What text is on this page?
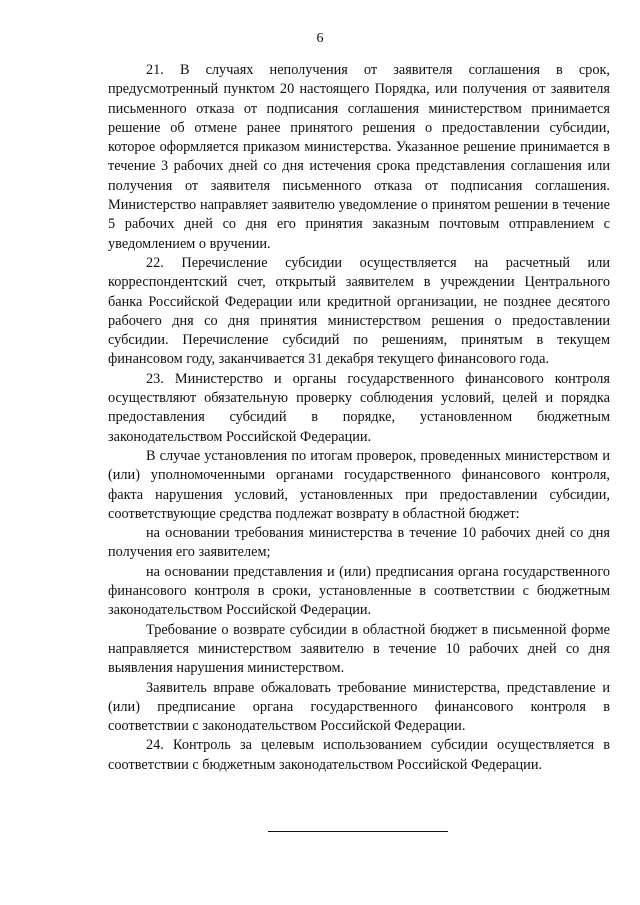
6

21. В случаях неполучения от заявителя соглашения в срок, предусмотренный пунктом 20 настоящего Порядка, или получения от заявителя письменного отказа от подписания соглашения министерством принимается решение об отмене ранее принятого решения о предоставлении субсидии, которое оформляется приказом министерства. Указанное решение принимается в течение 3 рабочих дней со дня истечения срока представления соглашения или получения от заявителя письменного отказа от подписания соглашения. Министерство направляет заявителю уведомление о принятом решении в течение 5 рабочих дней со дня его принятия заказным почтовым отправлением с уведомлением о вручении.

22. Перечисление субсидии осуществляется на расчетный или корреспондентский счет, открытый заявителем в учреждении Центрального банка Российской Федерации или кредитной организации, не позднее десятого рабочего дня со дня принятия министерством решения о предоставлении субсидии. Перечисление субсидий по решениям, принятым в текущем финансовом году, заканчивается 31 декабря текущего финансового года.

23. Министерство и органы государственного финансового контроля осуществляют обязательную проверку соблюдения условий, целей и порядка предоставления субсидий в порядке, установленном бюджетным законодательством Российской Федерации.

В случае установления по итогам проверок, проведенных министерством и (или) уполномоченными органами государственного финансового контроля, факта нарушения условий, установленных при предоставлении субсидии, соответствующие средства подлежат возврату в областной бюджет:

на основании требования министерства в течение 10 рабочих дней со дня получения его заявителем;

на основании представления и (или) предписания органа государственного финансового контроля в сроки, установленные в соответствии с бюджетным законодательством Российской Федерации.

Требование о возврате субсидии в областной бюджет в письменной форме направляется министерством заявителю в течение 10 рабочих дней со дня выявления нарушения министерством.

Заявитель вправе обжаловать требование министерства, представление и (или) предписание органа государственного финансового контроля в соответствии с законодательством Российской Федерации.

24. Контроль за целевым использованием субсидии осуществляется в соответствии с бюджетным законодательством Российской Федерации.
